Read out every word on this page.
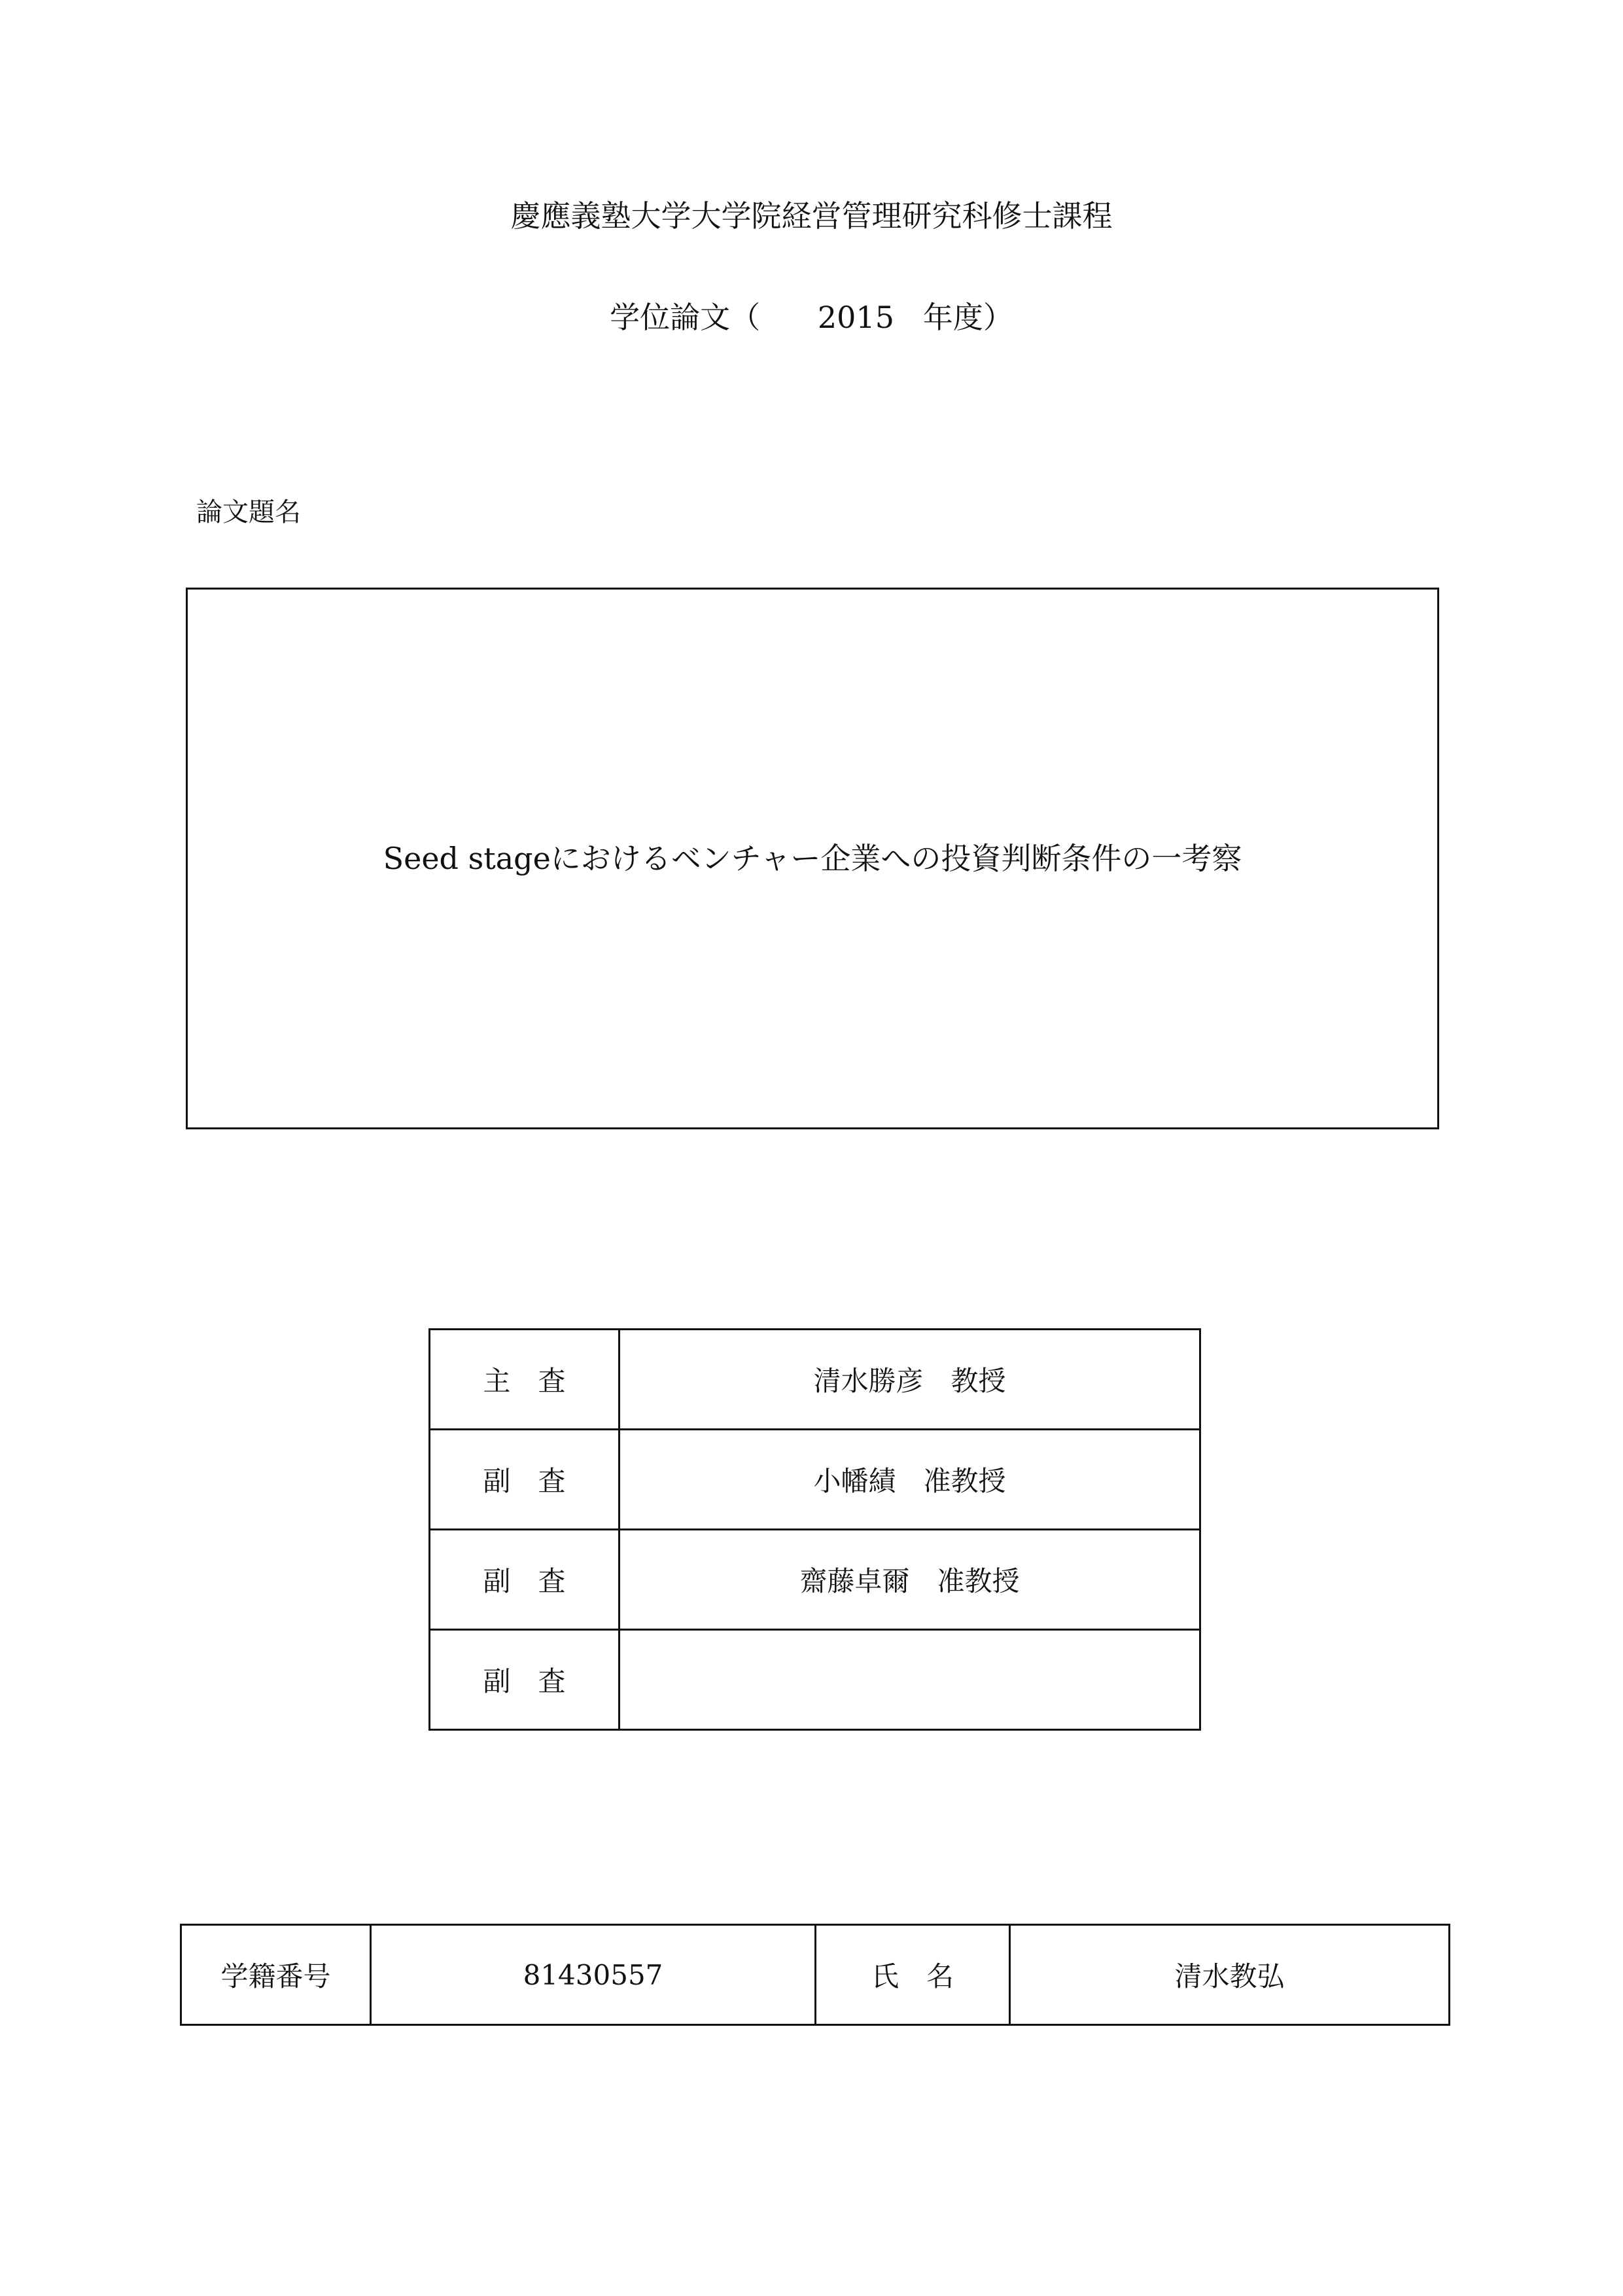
慶應義塾大学大学院経営管理研究科修士課程
学位論文（ 2015 年度）
論文題名
Seed stageにおけるベンチャー企業への投資判断条件の一考察
主　査	清水勝彦　教授
副　査	小幡績　准教授
副　査	齋藤卓爾　准教授
副　査	
学籍番号	81430557	氏　名	清水教弘
